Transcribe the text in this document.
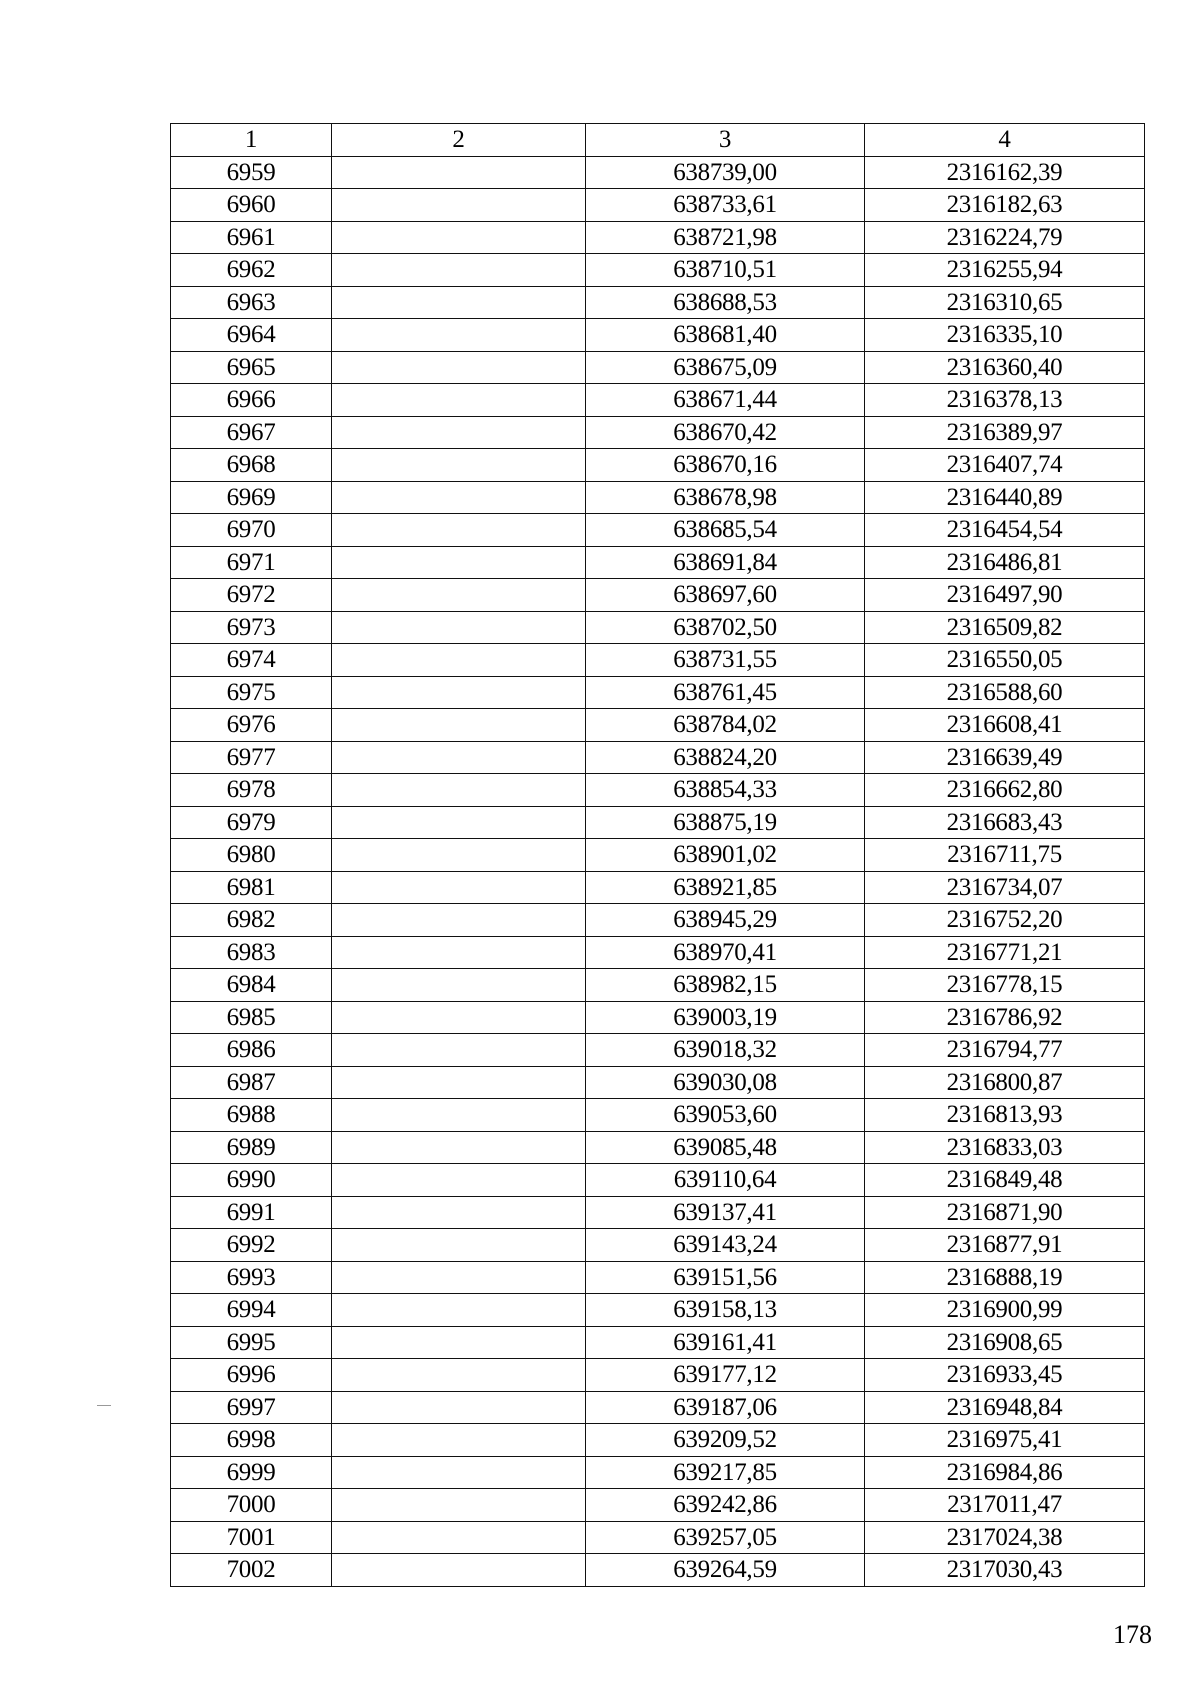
1	2	3	4
6959		638739,00	2316162,39
6960		638733,61	2316182,63
6961		638721,98	2316224,79
6962		638710,51	2316255,94
6963		638688,53	2316310,65
6964		638681,40	2316335,10
6965		638675,09	2316360,40
6966		638671,44	2316378,13
6967		638670,42	2316389,97
6968		638670,16	2316407,74
6969		638678,98	2316440,89
6970		638685,54	2316454,54
6971		638691,84	2316486,81
6972		638697,60	2316497,90
6973		638702,50	2316509,82
6974		638731,55	2316550,05
6975		638761,45	2316588,60
6976		638784,02	2316608,41
6977		638824,20	2316639,49
6978		638854,33	2316662,80
6979		638875,19	2316683,43
6980		638901,02	2316711,75
6981		638921,85	2316734,07
6982		638945,29	2316752,20
6983		638970,41	2316771,21
6984		638982,15	2316778,15
6985		639003,19	2316786,92
6986		639018,32	2316794,77
6987		639030,08	2316800,87
6988		639053,60	2316813,93
6989		639085,48	2316833,03
6990		639110,64	2316849,48
6991		639137,41	2316871,90
6992		639143,24	2316877,91
6993		639151,56	2316888,19
6994		639158,13	2316900,99
6995		639161,41	2316908,65
6996		639177,12	2316933,45
6997		639187,06	2316948,84
6998		639209,52	2316975,41
6999		639217,85	2316984,86
7000		639242,86	2317011,47
7001		639257,05	2317024,38
7002		639264,59	2317030,43
178
